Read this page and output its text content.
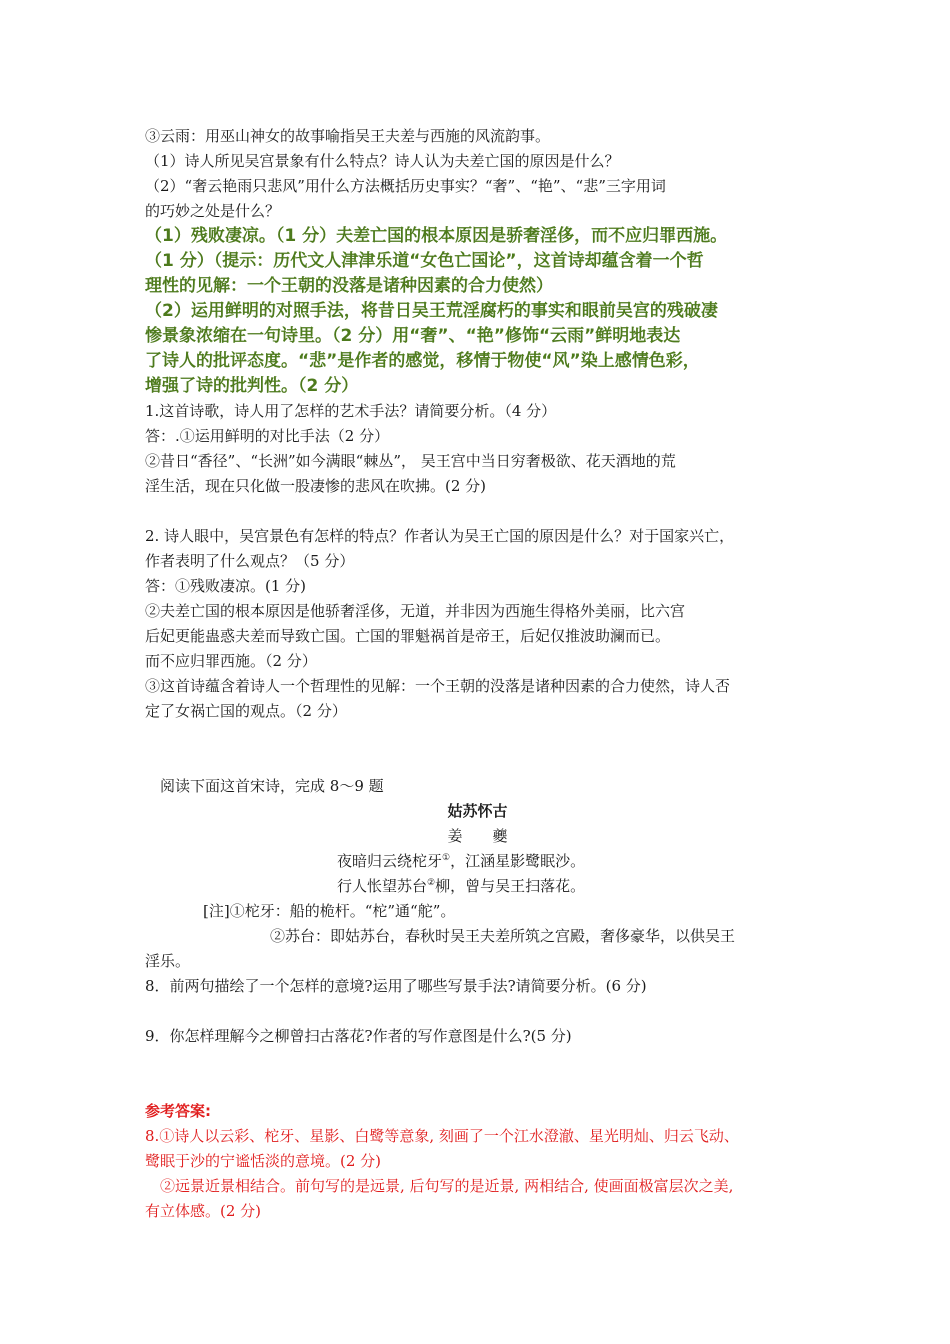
③云雨：用巫山神女的故事喻指吴王夫差与西施的风流韵事。
（1）诗人所见吴宫景象有什么特点？诗人认为夫差亡国的原因是什么？
（2）“奢云艳雨只悲风”用什么方法概括历史事实？“奢”、“艳”、“悲”三字用词
的巧妙之处是什么？
（1）残败凄凉。（1 分）夫差亡国的根本原因是骄奢淫侈，而不应归罪西施。
（1 分）（提示：历代文人津津乐道“女色亡国论”，这首诗却蕴含着一个哲
理性的见解：一个王朝的没落是诸种因素的合力使然）
（2）运用鲜明的对照手法，将昔日吴王荒淫腐朽的事实和眼前吴宫的残破凄
惨景象浓缩在一句诗里。（2 分）用“奢”、“艳”修饰“云雨”鲜明地表达
了诗人的批评态度。“悲”是作者的感觉，移情于物使“风”染上感情色彩，
增强了诗的批判性。（2 分）
1.这首诗歌，诗人用了怎样的艺术手法？请简要分析。（4 分）
答：.①运用鲜明的对比手法（2 分）
②昔日“香径”、“长洲”如今满眼“棘丛”， 吴王宫中当日穷奢极欲、花天酒地的荒
淫生活，现在只化做一股凄惨的悲风在吹拂。(2 分)
2. 诗人眼中，吴宫景色有怎样的特点？作者认为吴王亡国的原因是什么？对于国家兴亡，
作者表明了什么观点？（5 分）
答：①残败凄凉。(1 分)
②夫差亡国的根本原因是他骄奢淫侈，无道，并非因为西施生得格外美丽，比六宫
后妃更能蛊惑夫差而导致亡国。亡国的罪魁祸首是帝王，后妃仅推波助澜而已。
而不应归罪西施。（2 分）
③这首诗蕴含着诗人一个哲理性的见解：一个王朝的没落是诸种因素的合力使然，诗人否
定了女祸亡国的观点。（2 分）
阅读下面这首宋诗，完成 8～9 题
姑苏怀古
姜　　夔
夜暗归云绕柁牙①，江涵星影鹭眠沙。
行人怅望苏台②柳，曾与吴王扫落花。
[注]①柁牙：船的桅杆。“柁”通“舵”。
②苏台：即姑苏台，春秋时吴王夫差所筑之宫殿，奢侈豪华，以供吴王
淫乐。
8．前两句描绘了一个怎样的意境?运用了哪些写景手法?请简要分析。(6 分)
9．你怎样理解今之柳曾扫古落花?作者的写作意图是什么?(5 分)
参考答案:
8.①诗人以云彩、柁牙、星影、白鹭等意象, 刻画了一个江水澄澈、星光明灿、归云飞动、
鹭眠于沙的宁谧恬淡的意境。(2 分)
　②远景近景相结合。前句写的是远景, 后句写的是近景, 两相结合, 使画面极富层次之美,
有立体感。(2 分)
